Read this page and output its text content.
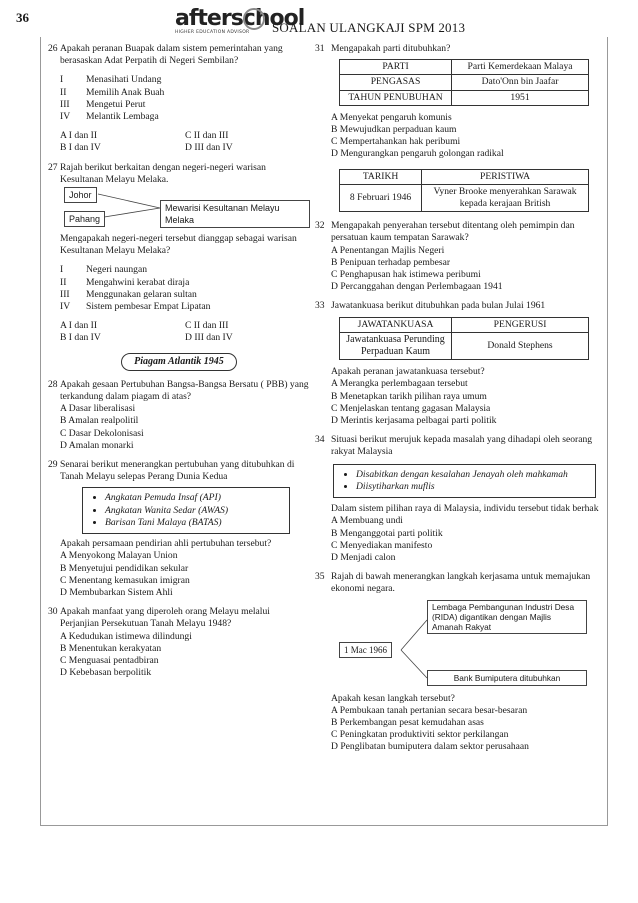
36	afterschool
HIGHER EDUCATION ADVISOR	SOALAN ULANGKAJI SPM 2013
26 Apakah peranan Buapak dalam sistem pemerintahan yang berasaskan Adat Perpatih di Negeri Sembilan?
I	Menasihati Undang
II	Memilih Anak Buah
III	Mengetui Perut
IV	Melantik Lembaga
A I dan II	C II dan III
B I dan IV	D III dan IV
27 Rajah berikut berkaitan dengan negeri-negeri warisan Kesultanan Melayu Melaka.
Johor
Pahang
Mewarisi Kesultanan Melayu Melaka
Mengapakah negeri-negeri tersebut dianggap sebagai warisan Kesultanan Melayu Melaka?
I	Negeri naungan
II	Mengahwini kerabat diraja
III	Menggunakan gelaran sultan
IV	Sistem pembesar Empat Lipatan
A I dan II	C II dan III
B I dan IV	D III dan IV
Piagam Atlantik 1945
28 Apakah gesaan Pertubuhan Bangsa-Bangsa Bersatu ( PBB) yang terkandung dalam piagam di atas?
A Dasar liberalisasi
B Amalan realpolitil
C Dasar Dekolonisasi
D Amalan monarki
29 Senarai berikut menerangkan pertubuhan yang ditubuhkan di Tanah Melayu selepas Perang Dunia Kedua
• Angkatan Pemuda Insaf (API)
• Angkatan Wanita Sedar (AWAS)
• Barisan Tani Malaya (BATAS)
Apakah persamaan pendirian ahli pertubuhan tersebut?
A Menyokong Malayan Union
B Menyetujui pendidikan sekular
C Menentang kemasukan imigran
D Membubarkan Sistem Ahli
30 Apakah manfaat yang diperoleh orang Melayu melalui Perjanjian Persekutuan Tanah Melayu 1948?
A Kedudukan istimewa dilindungi
B Menentukan kerakyatan
C Menguasai pentadbiran
D Kebebasan berpolitik
31 Mengapakah parti ditubuhkan?
PARTI	Parti Kemerdekaan Malaya
PENGASAS	Dato'Onn bin Jaafar
TAHUN PENUBUHAN	1951
A Menyekat pengaruh komunis
B Mewujudkan perpaduan kaum
C Mempertahankan hak peribumi
D Mengurangkan pengaruh golongan radikal
TARIKH	PERISTIWA
8 Februari 1946	Vyner Brooke menyerahkan Sarawak kepada kerajaan British
32 Mengapakah penyerahan tersebut ditentang oleh pemimpin dan persatuan kaum tempatan Sarawak?
A Penentangan Majlis Negeri
B Penipuan terhadap pembesar
C Penghapusan hak istimewa peribumi
D Percanggahan dengan Perlembagaan 1941
33 Jawatankuasa berikut ditubuhkan pada bulan Julai 1961
JAWATANKUASA	PENGERUSI
Jawatankuasa Perunding Perpaduan Kaum	Donald Stephens
Apakah peranan jawatankuasa tersebut?
A Merangka perlembagaan tersebut
B Menetapkan tarikh pilihan raya umum
C Menjelaskan tentang gagasan Malaysia
D Merintis kerjasama pelbagai parti politik
34 Situasi berikut merujuk kepada masalah yang dihadapi oleh seorang rakyat Malaysia
• Disabitkan dengan kesalahan Jenayah oleh mahkamah
• Diisytiharkan muflis
Dalam sistem pilihan raya di Malaysia, individu tersebut tidak berhak
A Membuang undi
B Menganggotai parti politik
C Menyediakan manifesto
D Menjadi calon
35 Rajah di bawah menerangkan langkah kerjasama untuk memajukan ekonomi negara.
1 Mac 1966
Lembaga Pembangunan Industri Desa (RIDA) digantikan dengan Majlis Amanah Rakyat
Bank Bumiputera ditubuhkan
Apakah kesan langkah tersebut?
A Pembukaan tanah pertanian secara besar-besaran
B Perkembangan pesat kemudahan asas
C Peningkatan produktiviti sektor perkilangan
D Penglibatan bumiputera dalam sektor perusahaan
